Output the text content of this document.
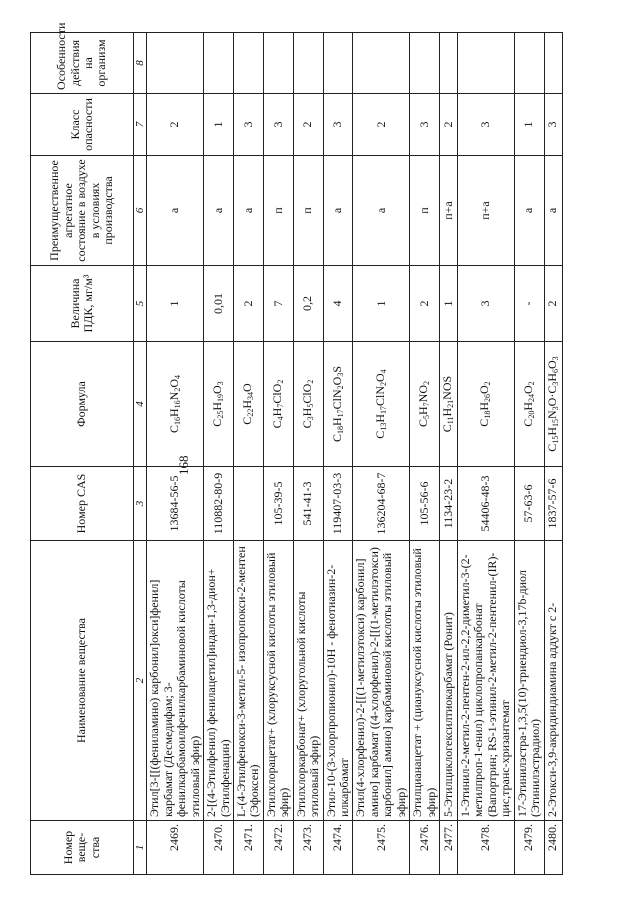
168
Номер веще-ства	Наименование вещества	Номер CAS	Формула	Величина ПДК, мг/м³	Преимущественное агрегатное состояние в воздухе в условиях производства	Класс опасности	Особенности действия на организм
1	2	3	4	5	6	7	8
2469.	Этил[3-[[(фениламино) карбонил]окси]фенил] карбамат (Десмедифам; 3-фенилкарбамоилфенилкарбаминовой кислоты этиловый эфир)	13684-56-5	$C_{16}H_{16}N_2O_4$	1	а	2	
2470.	2-[(4-Этилфенил) фенилацетил]индан-1,3-дион+ (Этилфенацин)	110882-80-9	$C_{25}H_{19}O_3$	0,01	а	1	
2471.	L-(4-Этилфенокси-3-метил-5- изопропокси-2-ментен (Эфоксен)		$C_{22}H_{34}O$	2	а	3	
2472.	Этилхлорацетат+ (хлоруксусной кислоты этиловый эфир)	105-39-5	$C_4H_7ClO_2$	7	п	3	
2473.	Этилхлоркарбонат+ (хлоругольной кислоты этиловый эфир)	541-41-3	$C_3H_5ClO_2$	0,2	п	2	
2474.	Этил-10-(3-хлорпропионил)-10Н - фенотиазин-2-илкарбамат	119407-03-3	$C_{18}H_{17}ClN_2O_3S$	4	а	3	
2475.	Этил(4-хлорфенил)-2-[[(1-метилэтокси) карбонил] амино] карбамат ((4-хлорфенил)-2-[[(1-метилэтокси) карбонил] амино] карбаминовой кислоты этиловый эфир)	136204-68-7	$C_{13}H_{17}ClN_2O_4$	1	а	2	
2476.	Этилцианацетат + (циануксусной кислоты этиловый эфир)	105-56-6	$C_5H_7NO_2$	2	п	3	
2477.	5-Этилциклогексилтиокарбамат (Ронит)	1134-23-2	$C_{11}H_{21}NOS$	1	п+а	2	
2478.	1-Этинил-2-метил-2-пентен-2-ил-2,2-диметил-3-(2-метилпроп-1-енил) циклопропанкарбонат (Вапортрин; RS-1-этинил-2-метил-2-пентенил-(IR)-цис,транс-хризантемат	54406-48-3	$C_{18}H_{26}O_2$	3	п+а	3	
2479.	17-Этинилэстра-1,3,5(10)-триендиол-3,17b-диол (Этинилэстрадиол)	57-63-6	$C_{20}H_{24}O_2$	-	а	1	
2480.	2-Этокси-3,9-акридиндиамина аддукт с 2-	1837-57-6	$C_{15}H_{15}N_3O\cdot C_3H_6O_3$	2	а	3	
